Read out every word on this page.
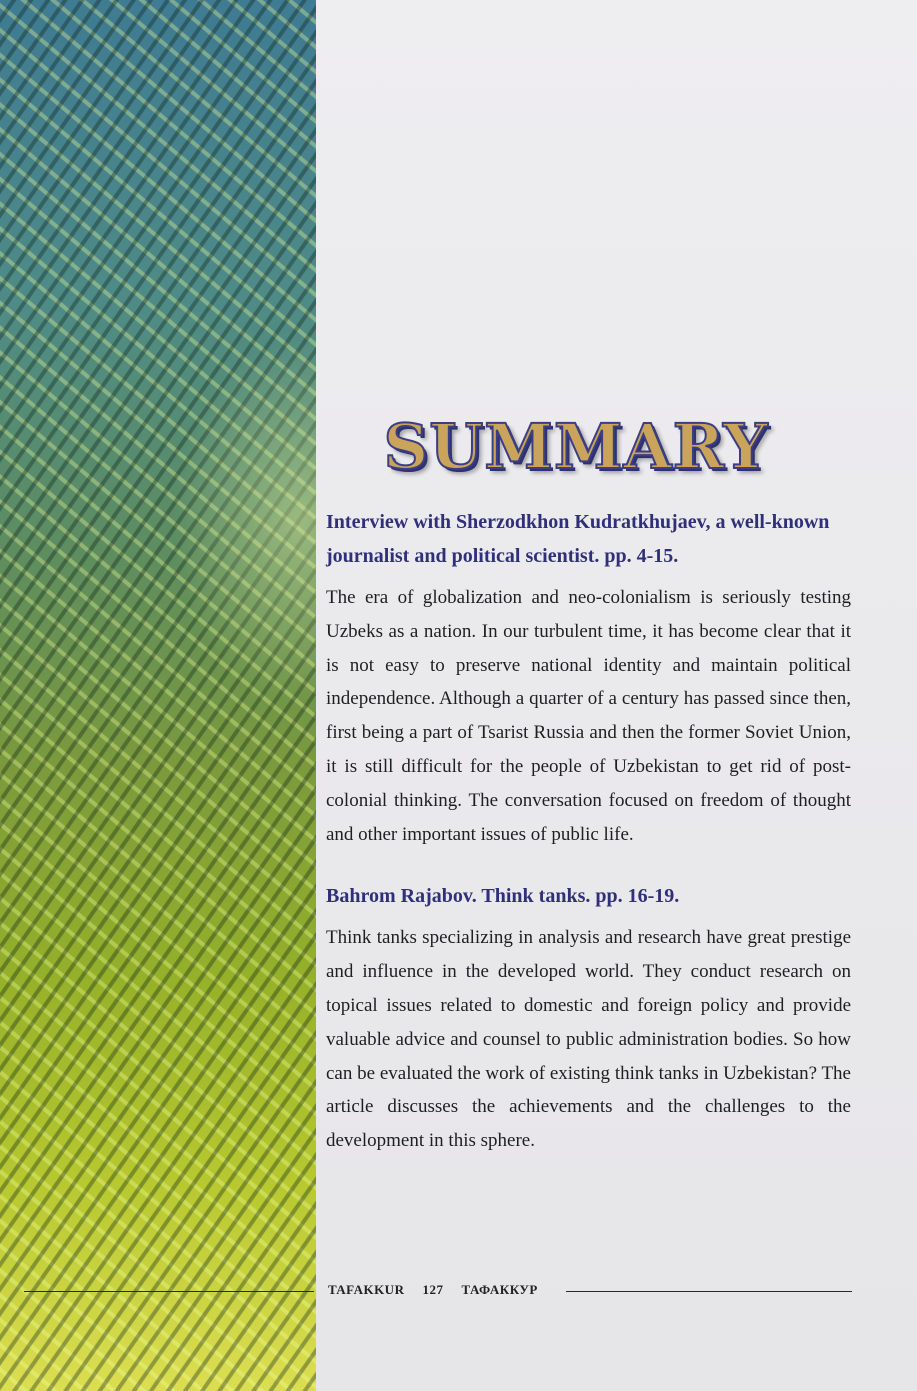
SUMMARY

Interview with Sherzodkhon Kudratkhujaev, a well-known journalist and political scientist. pp. 4-15.

The era of globalization and neo-colonialism is seriously testing Uzbeks as a nation. In our turbulent time, it has become clear that it is not easy to preserve national identity and maintain political independence. Although a quarter of a century has passed since then, first being a part of Tsarist Russia and then the former Soviet Union, it is still difficult for the people of Uzbekistan to get rid of post-colonial thinking. The conversation focused on freedom of thought and other important issues of public life.

Bahrom Rajabov. Think tanks. pp. 16-19.

Think tanks specializing in analysis and research have great prestige and influence in the developed world. They conduct research on topical issues related to domestic and foreign policy and provide valuable advice and counsel to public administration bodies. So how can be evaluated the work of existing think tanks in Uzbekistan? The article discusses the achievements and the challenges to the development in this sphere.

TAFAKKUR 127 ТАФАККУР
